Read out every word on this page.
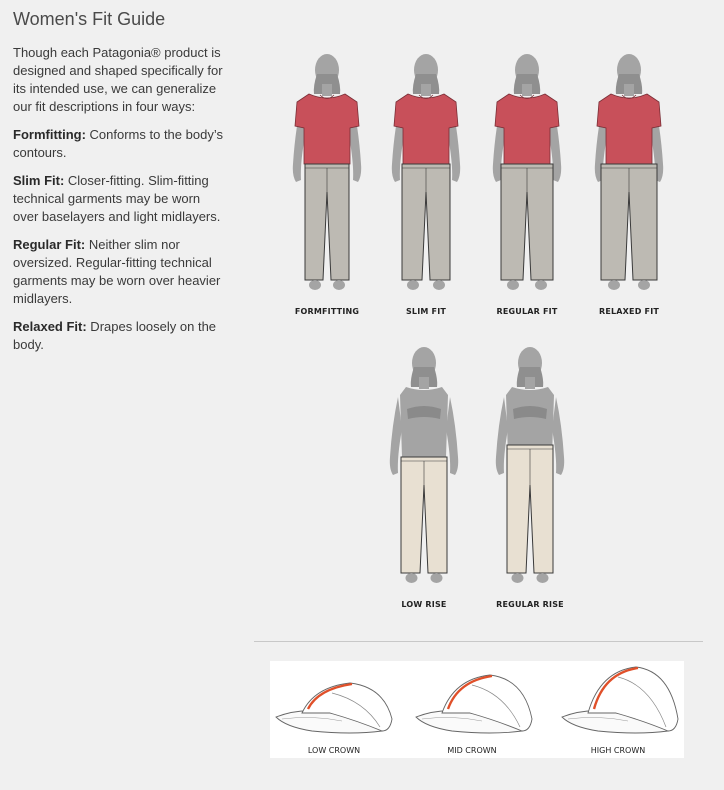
Women's Fit Guide

Though each Patagonia® product is designed and shaped specifically for its intended use, we can generalize our fit descriptions in four ways:

Formfitting: Conforms to the body’s contours.

Slim Fit: Closer-fitting. Slim-fitting technical garments may be worn over baselayers and light midlayers.

Regular Fit: Neither slim nor oversized. Regular-fitting technical garments may be worn over heavier midlayers.

Relaxed Fit: Drapes loosely on the body.

FORMFITTING	SLIM FIT	REGULAR FIT	RELAXED FIT
LOW RISE	REGULAR RISE
LOW CROWN	MID CROWN	HIGH CROWN
